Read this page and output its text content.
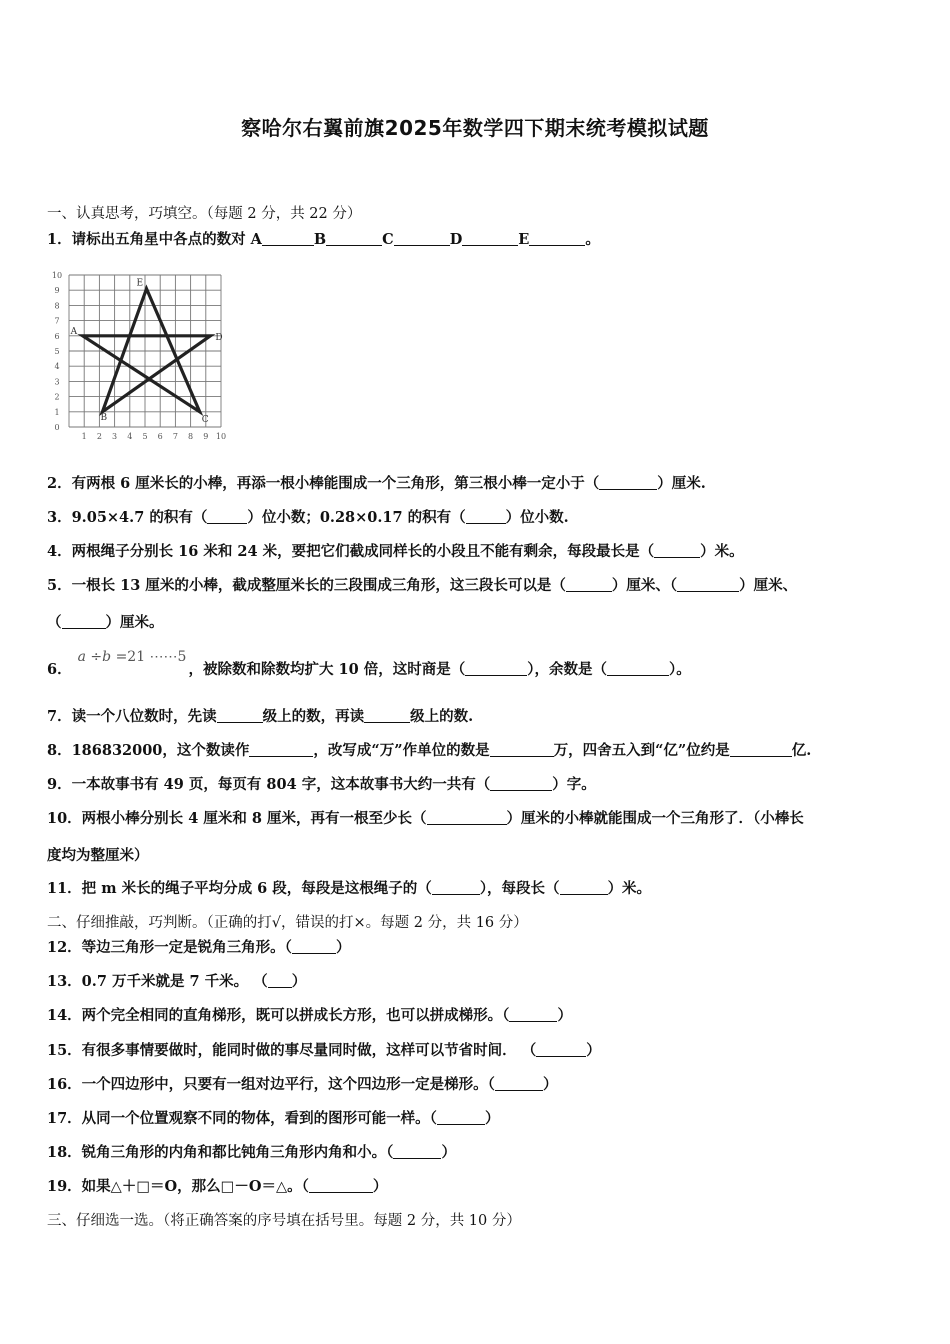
察哈尔右翼前旗2025年数学四下期末统考模拟试题
一、认真思考，巧填空。（每题 2 分，共 22 分）
1．请标出五角星中各点的数对 A	B	C	D	E	。
1 2 3 4 5 6 7 8 9 10
1
2
3
4
5
6
7
8
9
10
0
A
B	C
D
E
2．有两根 6 厘米长的小棒，再添一根小棒能围成一个三角形，第三根小棒一定小于（	）厘米.
3．9.05×4.7 的积有（	）位小数；0.28×0.17 的积有（	）位小数.
4．两根绳子分别长 16 米和 24 米，要把它们截成同样长的小段且不能有剩余，每段最长是（	）米。
5．一根长 13 厘米的小棒，截成整厘米长的三段围成三角形，这三段长可以是（	）厘米、（	）厘米、
（	）厘米。
6．a ÷b =21 ⋯⋯5，被除数和除数均扩大 10 倍，这时商是（	），余数是（	）。
7．读一个八位数时，先读	级上的数，再读	级上的数.
8．186832000，这个数读作	，改写成“万”作单位的数是	万，四舍五入到“亿”位约是	亿.
9．一本故事书有 49 页，每页有 804 字，这本故事书大约一共有（	）字。
10．两根小棒分别长 4 厘米和 8 厘米，再有一根至少长（	）厘米的小棒就能围成一个三角形了．（小棒长
度均为整厘米）
11．把 m 米长的绳子平均分成 6 段，每段是这根绳子的（	），每段长（	）米。
二、仔细推敲，巧判断。（正确的打√，错误的打×。每题 2 分，共 16 分）
12．等边三角形一定是锐角三角形。（	）
13．0.7 万千米就是 7 千米。 （ ）
14．两个完全相同的直角梯形，既可以拼成长方形，也可以拼成梯形。（	）
15．有很多事情要做时，能同时做的事尽量同时做，这样可以节省时间． （	）
16．一个四边形中，只要有一组对边平行，这个四边形一定是梯形。（	）
17．从同一个位置观察不同的物体，看到的图形可能一样。（	）
18．锐角三角形的内角和都比钝角三角形内角和小。（	）
19．如果△＋□＝O，那么□－O＝△。（	）
三、仔细选一选。（将正确答案的序号填在括号里。每题 2 分，共 10 分）
